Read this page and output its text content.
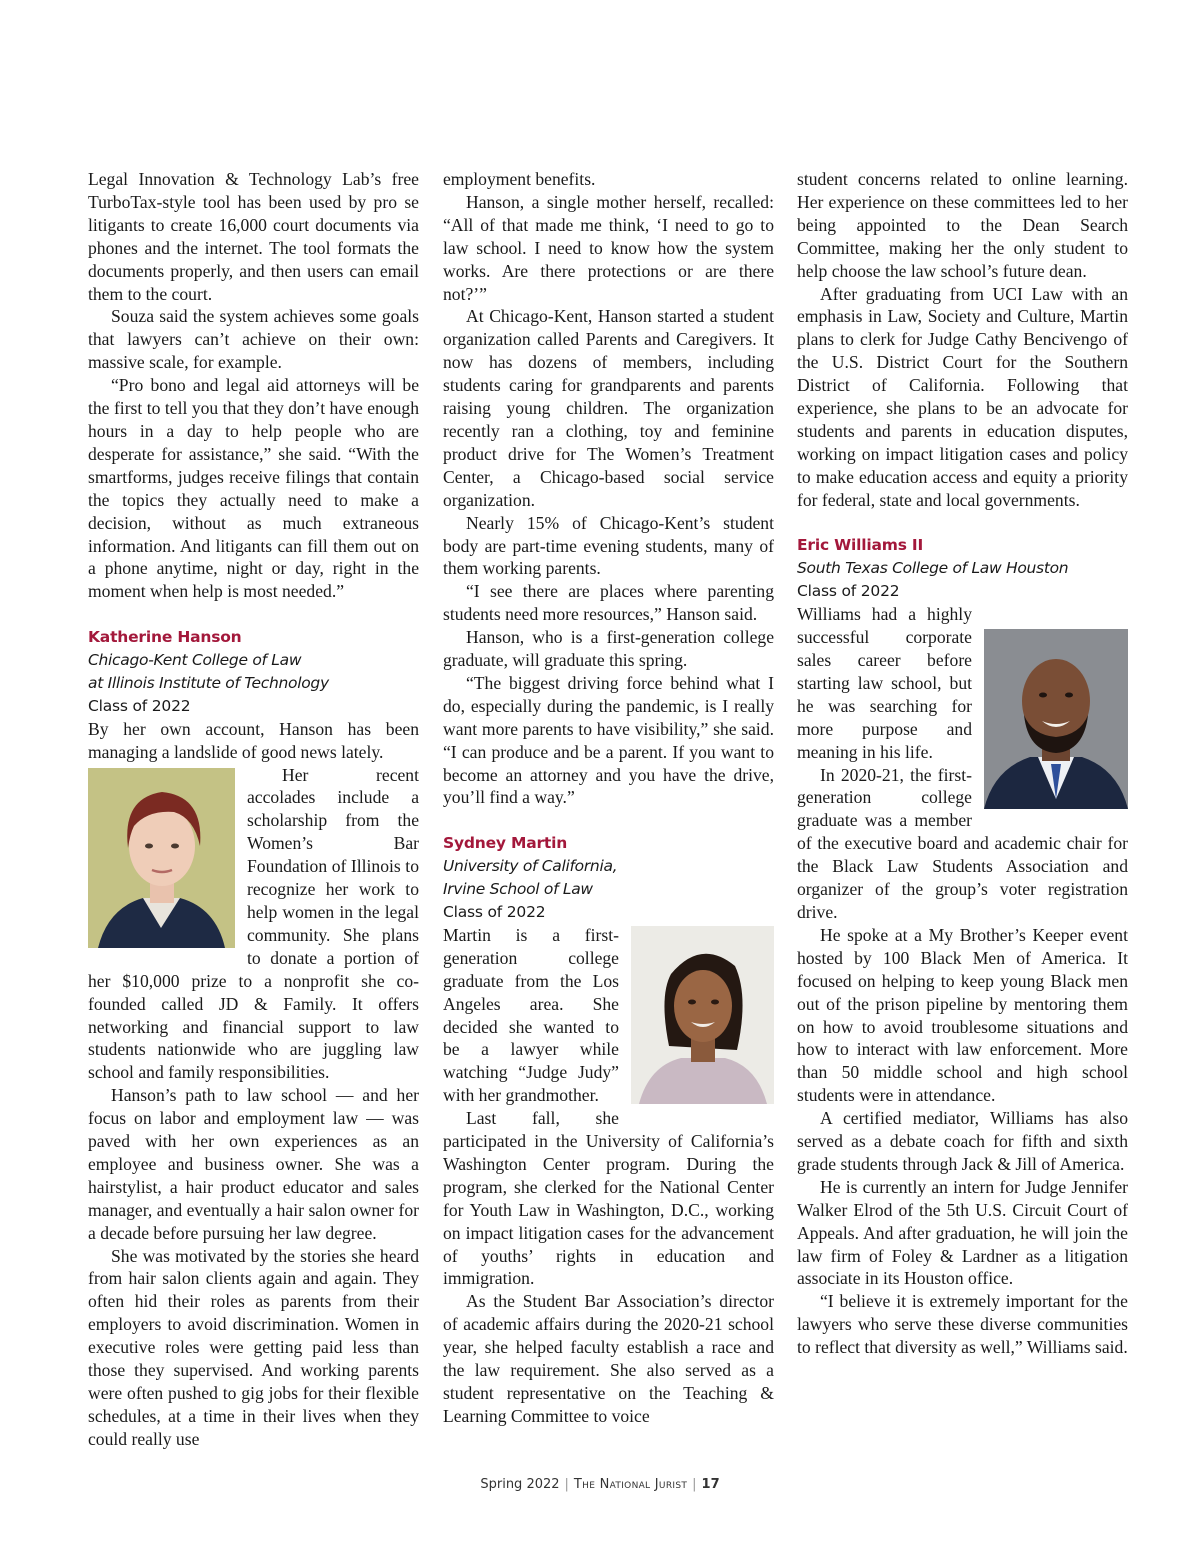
Legal Innovation & Technology Lab’s free TurboTax-style tool has been used by pro se litigants to create 16,000 court documents via phones and the internet. The tool formats the documents properly, and then users can email them to the court.

Souza said the system achieves some goals that lawyers can’t achieve on their own: massive scale, for example.

“Pro bono and legal aid attorneys will be the first to tell you that they don’t have enough hours in a day to help people who are desperate for assistance,” she said. “With the smartforms, judges receive filings that contain the topics they actually need to make a decision, without as much extraneous information. And litigants can fill them out on a phone anytime, night or day, right in the moment when help is most needed.”

Katherine Hanson
Chicago-Kent College of Law
at Illinois Institute of Technology
Class of 2022

By her own account, Hanson has been managing a landslide of good news lately.

Her recent accolades include a scholarship from the Women’s Bar Foundation of Illinois to recognize her work to help women in the legal community. She plans to donate a portion of her $10,000 prize to a nonprofit she co-founded called JD & Family. It offers networking and financial support to law students nationwide who are juggling law school and family responsibilities.

Hanson’s path to law school — and her focus on labor and employment law — was paved with her own experiences as an employee and business owner. She was a hairstylist, a hair product educator and sales manager, and eventually a hair salon owner for a decade before pursuing her law degree.

She was motivated by the stories she heard from hair salon clients again and again. They often hid their roles as parents from their employers to avoid discrimination. Women in executive roles were getting paid less than those they supervised. And working parents were often pushed to gig jobs for their flexible schedules, at a time in their lives when they could really use

employment benefits.

Hanson, a single mother herself, recalled: “All of that made me think, ‘I need to go to law school. I need to know how the system works. Are there protections or are there not?’”

At Chicago-Kent, Hanson started a student organization called Parents and Caregivers. It now has dozens of members, including students caring for grandparents and parents raising young children. The organization recently ran a clothing, toy and feminine product drive for The Women’s Treatment Center, a Chicago-based social service organization.

Nearly 15% of Chicago-Kent’s student body are part-time evening students, many of them working parents.

“I see there are places where parenting students need more resources,” Hanson said.

Hanson, who is a first-generation college graduate, will graduate this spring.

“The biggest driving force behind what I do, especially during the pandemic, is I really want more parents to have visibility,” she said. “I can produce and be a parent. If you want to become an attorney and you have the drive, you’ll find a way.”

Sydney Martin
University of California,
Irvine School of Law
Class of 2022

Martin is a first-generation college graduate from the Los Angeles area. She decided she wanted to be a lawyer while watching “Judge Judy” with her grandmother.

Last fall, she participated in the University of California’s Washington Center program. During the program, she clerked for the National Center for Youth Law in Washington, D.C., working on impact litigation cases for the advancement of youths’ rights in education and immigration.

As the Student Bar Association’s director of academic affairs during the 2020-21 school year, she helped faculty establish a race and the law requirement. She also served as a student representative on the Teaching & Learning Committee to voice

student concerns related to online learning. Her experience on these committees led to her being appointed to the Dean Search Committee, making her the only student to help choose the law school’s future dean.

After graduating from UCI Law with an emphasis in Law, Society and Culture, Martin plans to clerk for Judge Cathy Bencivengo of the U.S. District Court for the Southern District of California. Following that experience, she plans to be an advocate for students and parents in education disputes, working on impact litigation cases and policy to make education access and equity a priority for federal, state and local governments.

Eric Williams II
South Texas College of Law Houston
Class of 2022

Williams had a highly successful corporate sales career before starting law school, but he was searching for more purpose and meaning in his life.

In 2020-21, the first-generation college graduate was a member of the executive board and academic chair for the Black Law Students Association and organizer of the group’s voter registration drive.

He spoke at a My Brother’s Keeper event hosted by 100 Black Men of America. It focused on helping to keep young Black men out of the prison pipeline by mentoring them on how to avoid troublesome situations and how to interact with law enforcement. More than 50 middle school and high school students were in attendance.

A certified mediator, Williams has also served as a debate coach for fifth and sixth grade students through Jack & Jill of America.

He is currently an intern for Judge Jennifer Walker Elrod of the 5th U.S. Circuit Court of Appeals. And after graduation, he will join the law firm of Foley & Lardner as a litigation associate in its Houston office.

“I believe it is extremely important for the lawyers who serve these diverse communities to reflect that diversity as well,” Williams said.

Spring 2022 | The National Jurist | 17
